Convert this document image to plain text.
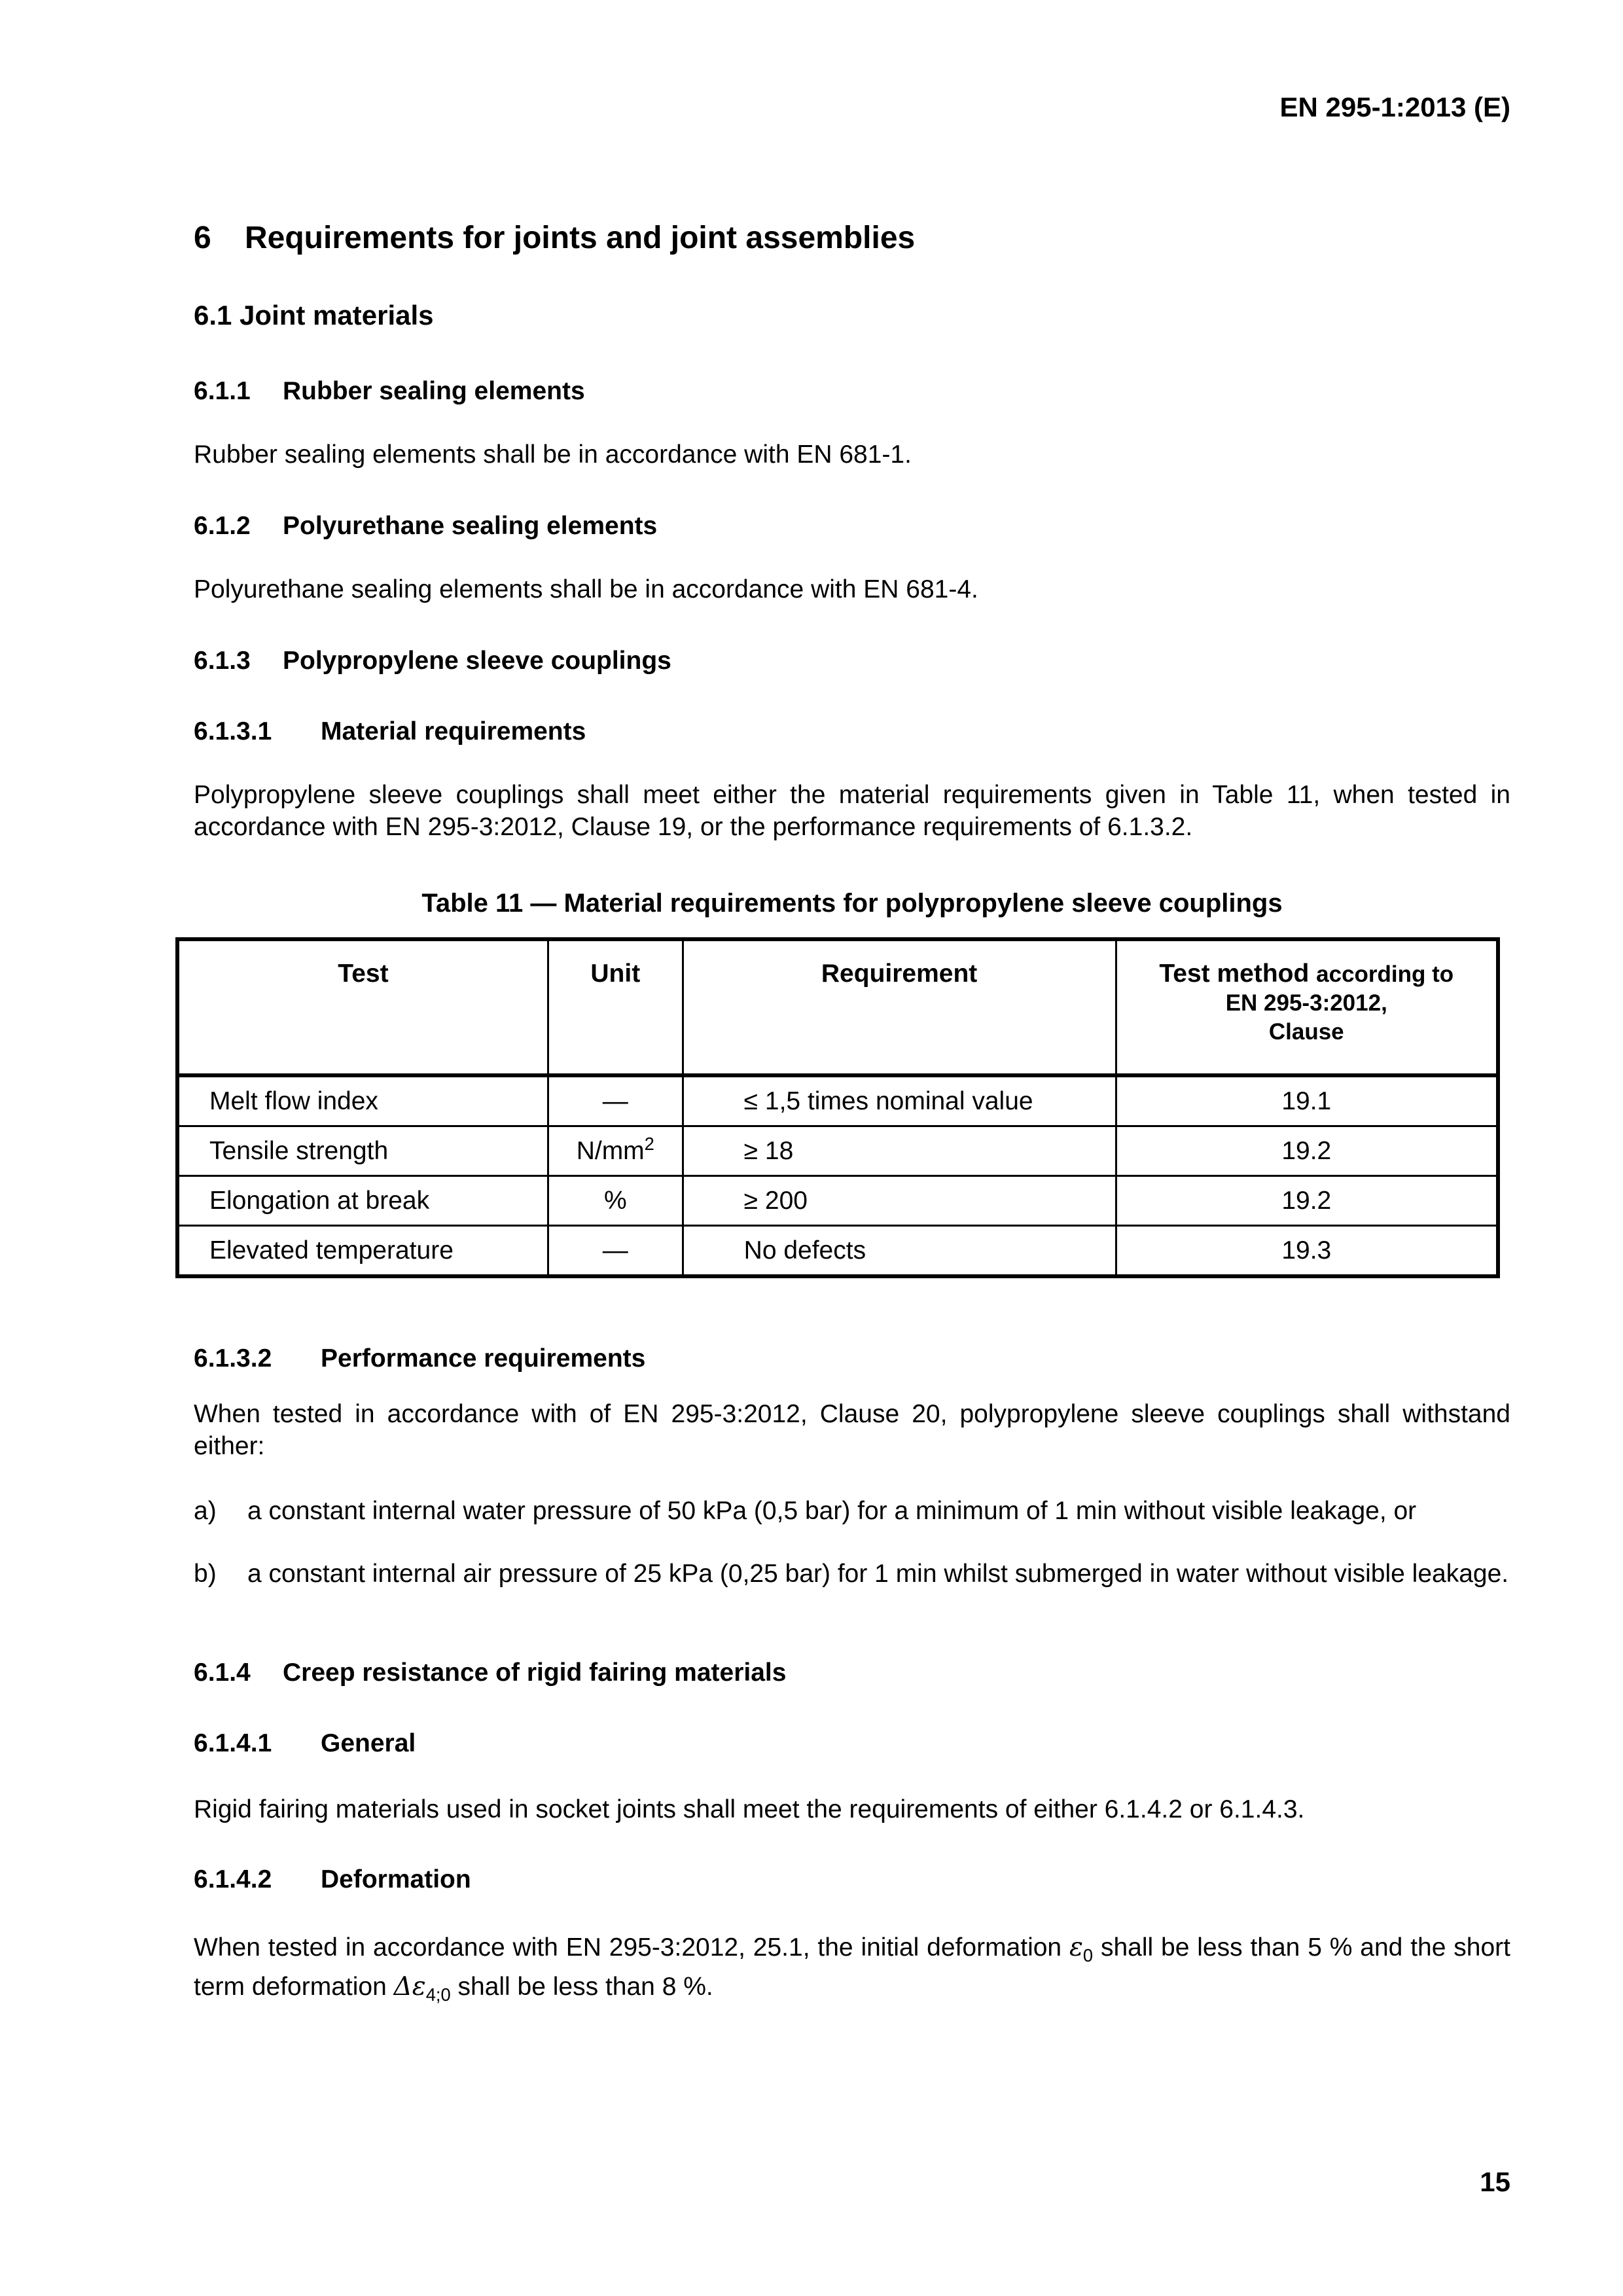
EN 295-1:2013 (E)
6 Requirements for joints and joint assemblies
6.1 Joint materials
6.1.1 Rubber sealing elements
Rubber sealing elements shall be in accordance with EN 681-1.
6.1.2 Polyurethane sealing elements
Polyurethane sealing elements shall be in accordance with EN 681-4.
6.1.3 Polypropylene sleeve couplings
6.1.3.1 Material requirements
Polypropylene sleeve couplings shall meet either the material requirements given in Table 11, when tested in accordance with EN 295-3:2012, Clause 19, or the performance requirements of 6.1.3.2.
Table 11 — Material requirements for polypropylene sleeve couplings
Test	Unit	Requirement	Test method according to
EN 295-3:2012,
Clause
Melt flow index	—	≤ 1,5 times nominal value	19.1
Tensile strength	$N/mm^2$	≥ 18	19.2
Elongation at break	%	≥ 200	19.2
Elevated temperature	—	No defects	19.3
6.1.3.2 Performance requirements
When tested in accordance with of EN 295-3:2012, Clause 20, polypropylene sleeve couplings shall withstand either:
a) a constant internal water pressure of 50 kPa (0,5 bar) for a minimum of 1 min without visible leakage, or
b) a constant internal air pressure of 25 kPa (0,25 bar) for 1 min whilst submerged in water without visible leakage.
6.1.4 Creep resistance of rigid fairing materials
6.1.4.1 General
Rigid fairing materials used in socket joints shall meet the requirements of either 6.1.4.2 or 6.1.4.3.
6.1.4.2 Deformation
When tested in accordance with EN 295-3:2012, 25.1, the initial deformation $\varepsilon_0$ shall be less than 5 % and the short term deformation $\Delta\varepsilon_{4;0}$ shall be less than 8 %.
15
